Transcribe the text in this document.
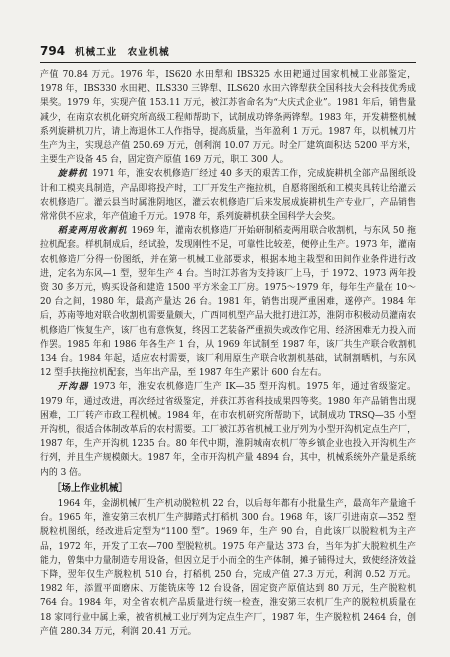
794 机械工业　农业机械

产值 70.84 万元。1976 年，IS620 水田犁和 IBS325 水田耙通过国家机械工业部鉴定，1978 年，IBS330 水田耙、ILS330 三铧犁、ILS620 水田六铧犁获全国科技大会科技优秀成果奖。1979 年，实现产值 153.11 万元，被江苏省命名为“大庆式企业”。1981 年后，销售量减少，在南京农机化研究所高级工程师帮助下，试制成功铧条两铧犁。1983 年，开发耕整机械系列旋耕机刀片，请上海退休工人作指导，提高质量，当年盈利 1 万元。1987 年，以机械刀片生产为主，实现总产值 250.69 万元，创利润 10.07 万元。时全厂建筑面积达 5200 平方米，主要生产设备 45 台，固定资产原值 169 万元，职工 300 人。

旋耕机 1971 年，淮安农机修造厂经过 40 多天的艰苦工作，完成旋耕机全部产品图纸设计和工模夹具制造，产品即将投产时，工厂开发生产拖拉机，自愿将图纸和工模夹具转让给灌云农机修造厂。灌云县当时属淮阴地区，灌云农机修造厂后来发展成旋耕机生产专业厂，产品销售常常供不应求，年产值逾千万元。1978 年，系列旋耕机获全国科学大会奖。

稻麦两用收割机 1969 年，灌南农机修造厂开始研制稻麦两用联合收割机，与东风 50 拖拉机配套。样机制成后，经试验，发现刚性不足，可靠性比较差，便停止生产。1973 年，灌南农机修造厂分得一份图纸，并在第一机械工业部要求，根据本地主栽型和田间作业条件进行改进，定名为东风—1 型，翌年生产 4 台。当时江苏省为支持该厂上马，于 1972、1973 两年投资 30 多万元，购买设备和建造 1500 平方米金工厂房。1975～1979 年，每年生产量在 10～20 台之间，1980 年，最高产量达 26 台。1981 年，销售出现严重困难，遂停产。1984 年后，苏南等地对联合收割机需要量颇大，广西同机型产品大批打进江苏，淮阴市积极动员灌南农机修造厂恢复生产，该厂也有意恢复，终因工艺装备严重损失或改作它用、经济困难无力投入而作罢。1985 年和 1986 年各生产 1 台，从 1969 年试制至 1987 年，该厂共生产联合收割机 134 台。1984 年起，适应农村需要，该厂利用原生产联合收割机基础，试制割晒机，与东风 12 型手扶拖拉机配套，当年出产品，至 1987 年生产累计 600 台左右。

开沟器 1973 年，淮安农机修造厂生产 IK—35 型开沟机。1975 年，通过省级鉴定。1979 年，通过改进，再次经过省级鉴定，并获江苏省科技成果四等奖。1980 年产品销售出现困难，工厂转产市政工程机械。1984 年，在市农机研究所帮助下，试制成功 TRSQ—35 小型开沟机，很适合体制改革后的农村需要。工厂被江苏省机械工业厅列为小型开沟机定点生产厂，1987 年，生产开沟机 1235 台。80 年代中期，淮阴城南农机厂等乡镇企业也投入开沟机生产行列，并且生产规模颇大。1987 年，全市开沟机产量 4894 台，其中，机械系统外产量是系统内的 3 倍。

［场上作业机械］

1964 年，金湖机械厂生产机动脱粒机 22 台，以后每年都有小批量生产，最高年产量逾千台。1965 年，淮安第三农机厂生产脚踏式打稻机 300 台。1968 年，该厂引进南京—352 型脱粒机图纸，经改进后定型为“1100 型”。1969 年，生产 90 台，自此该厂以脱粒机为主产品，1972 年，开发了工农—700 型脱粒机。1975 年产量达 373 台，当年为扩大脱粒机生产能力，曾集中力量制造专用设备，但因立足于小而全的生产体制，摊子铺得过大，致使经济效益下降，翌年仅生产脱粒机 510 台，打稻机 250 台，完成产值 27.3 万元，利润 0.52 万元。1982 年，添置平面磨床、万能铣床等 12 台设备，固定资产原值达到 80 万元，生产脱粒机 764 台。1984 年，对全省农机产品质量进行统一检查，淮安第三农机厂生产的脱粒机质量在 18 家同行业中属上乘，被省机械工业厅列为定点生产厂，1987 年，生产脱粒机 2464 台，创产值 280.34 万元，利润 20.41 万元。
